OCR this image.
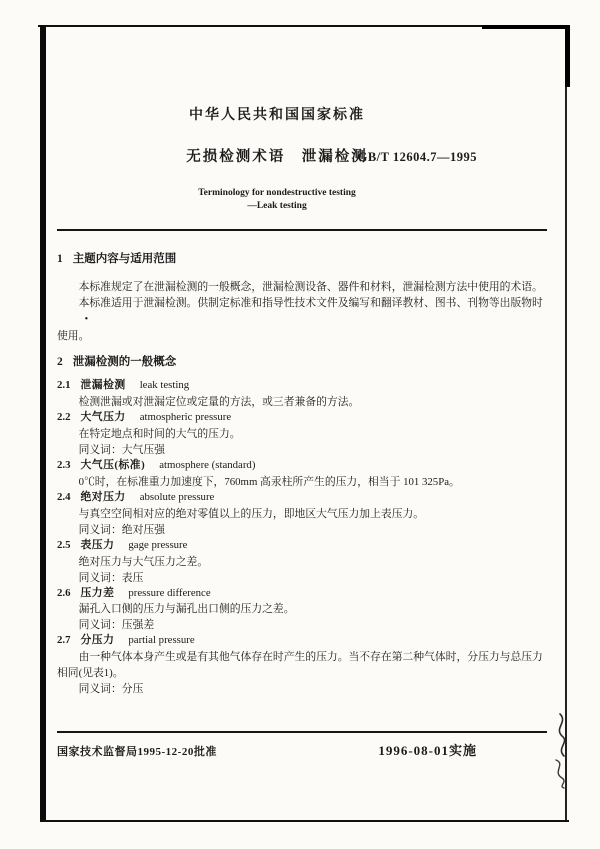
中华人民共和国国家标准
无损检测术语　泄漏检测
Terminology for nondestructive testing
—Leak testing
GB/T 12604.7—1995
1 主题内容与适用范围

本标准规定了在泄漏检测的一般概念，泄漏检测设备、器件和材料，泄漏检测方法中使用的术语。

本标准适用于泄漏检测。供制定标准和指导性技术文件及编写和翻译教材、图书、刊物等出版物时•

使用。

2 泄漏检测的一般概念
2.1 泄漏检测 leak testing

检测泄漏或对泄漏定位或定量的方法，或三者兼备的方法。

2.2 大气压力 atmospheric pressure

在特定地点和时间的大气的压力。

同义词：大气压强

2.3 大气压(标准) atmosphere (standard)

0℃时，在标准重力加速度下，760mm 高汞柱所产生的压力，相当于 101 325Pa。

2.4 绝对压力 absolute pressure

与真空空间相对应的绝对零值以上的压力，即地区大气压力加上表压力。

同义词：绝对压强

2.5 表压力 gage pressure

绝对压力与大气压力之差。

同义词：表压

2.6 压力差 pressure difference

漏孔入口侧的压力与漏孔出口侧的压力之差。

同义词：压强差

2.7 分压力 partial pressure

由一种气体本身产生或是有其他气体存在时产生的压力。当不存在第二种气体时，分压力与总压力相同(见表1)。

同义词：分压

国家技术监督局1995-12-20批准	1996-08-01实施
